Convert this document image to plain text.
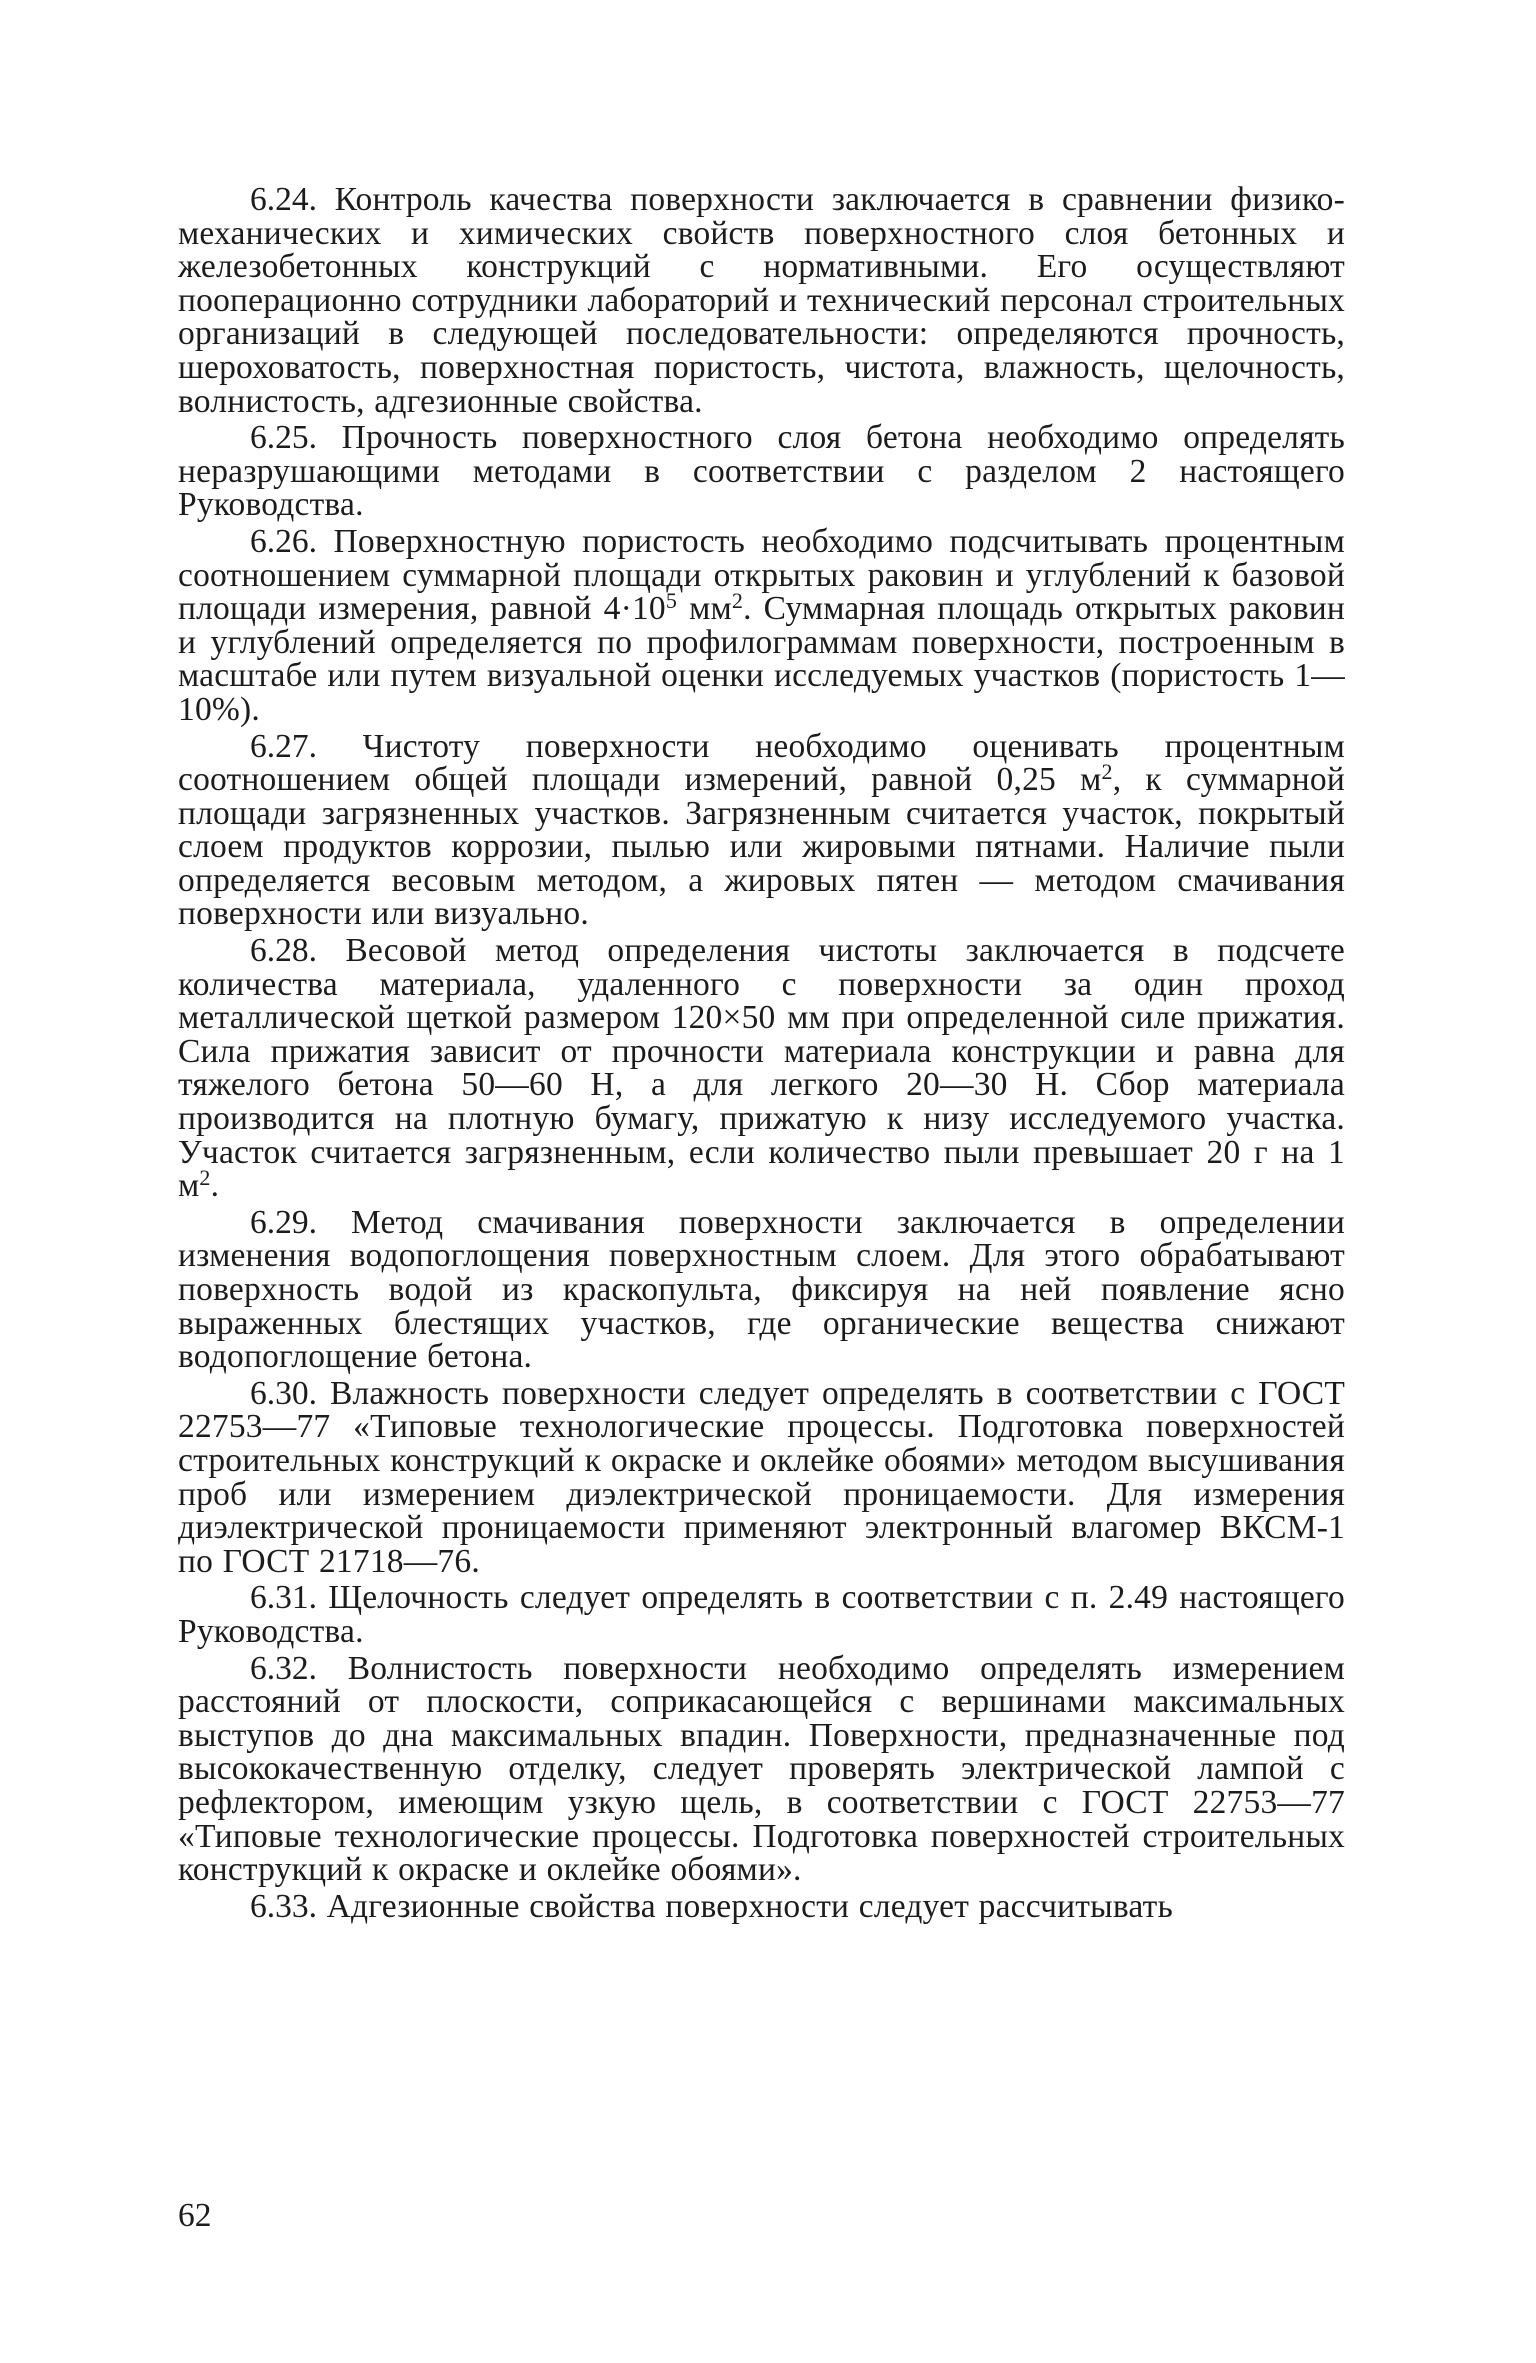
6.24. Контроль качества поверхности заключается в сравнении физико-механических и химических свойств поверхностного слоя бетонных и железобетонных конструкций с нормативными. Его осуществляют пооперационно сотрудники лабораторий и технический персонал строительных организаций в следующей последовательности: определяются прочность, шероховатость, поверхностная пористость, чистота, влажность, щелочность, волнистость, адгезионные свойства.

6.25. Прочность поверхностного слоя бетона необходимо определять неразрушающими методами в соответствии с разделом 2 настоящего Руководства.

6.26. Поверхностную пористость необходимо подсчитывать процентным соотношением суммарной площади открытых раковин и углублений к базовой площади измерения, равной $4\cdot 10^5$ $мм^2$. Суммарная площадь открытых раковин и углублений определяется по профилограммам поверхности, построенным в масштабе или путем визуальной оценки исследуемых участков (пористость 1—10%).

6.27. Чистоту поверхности необходимо оценивать процентным соотношением общей площади измерений, равной 0,25 $м^2$, к суммарной площади загрязненных участков. Загрязненным считается участок, покрытый слоем продуктов коррозии, пылью или жировыми пятнами. Наличие пыли определяется весовым методом, а жировых пятен — методом смачивания поверхности или визуально.

6.28. Весовой метод определения чистоты заключается в подсчете количества материала, удаленного с поверхности за один проход металлической щеткой размером 120×50 мм при определенной силе прижатия. Сила прижатия зависит от прочности материала конструкции и равна для тяжелого бетона 50—60 Н, а для легкого 20—30 Н. Сбор материала производится на плотную бумагу, прижатую к низу исследуемого участка. Участок считается загрязненным, если количество пыли превышает 20 г на 1 $м^2$.

6.29. Метод смачивания поверхности заключается в определении изменения водопоглощения поверхностным слоем. Для этого обрабатывают поверхность водой из краскопульта, фиксируя на ней появление ясно выраженных блестящих участков, где органические вещества снижают водопоглощение бетона.

6.30. Влажность поверхности следует определять в соответствии с ГОСТ 22753—77 «Типовые технологические процессы. Подготовка поверхностей строительных конструкций к окраске и оклейке обоями» методом высушивания проб или измерением диэлектрической проницаемости. Для измерения диэлектрической проницаемости применяют электронный влагомер ВКСМ-1 по ГОСТ 21718—76.

6.31. Щелочность следует определять в соответствии с п. 2.49 настоящего Руководства.

6.32. Волнистость поверхности необходимо определять измерением расстояний от плоскости, соприкасающейся с вершинами максимальных выступов до дна максимальных впадин. Поверхности, предназначенные под высококачественную отделку, следует проверять электрической лампой с рефлектором, имеющим узкую щель, в соответствии с ГОСТ 22753—77 «Типовые технологические процессы. Подготовка поверхностей строительных конструкций к окраске и оклейке обоями».

6.33. Адгезионные свойства поверхности следует рассчитывать

62
